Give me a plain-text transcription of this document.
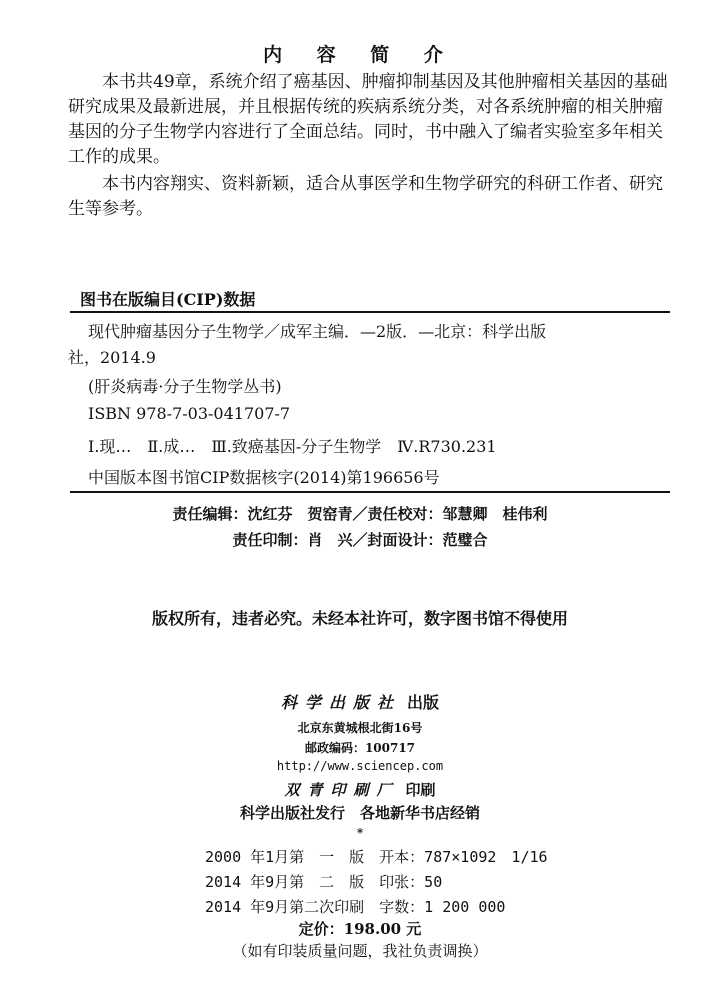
内 容 简 介

本书共49章，系统介绍了癌基因、肿瘤抑制基因及其他肿瘤相关基因的基础研究成果及最新进展，并且根据传统的疾病系统分类，对各系统肿瘤的相关肿瘤基因的分子生物学内容进行了全面总结。同时，书中融入了编者实验室多年相关工作的成果。

本书内容翔实、资料新颖，适合从事医学和生物学研究的科研工作者、研究生等参考。

图书在版编目(CIP)数据
现代肿瘤基因分子生物学／成军主编．—2版．—北京：科学出版
社，2014.9
(肝炎病毒·分子生物学丛书)
ISBN 978-7-03-041707-7
Ⅰ.现…　Ⅱ.成…　Ⅲ.致癌基因-分子生物学　Ⅳ.R730.231
中国版本图书馆CIP数据核字(2014)第196656号
责任编辑：沈红芬　贺窑青／责任校对：邹慧卿　桂伟利
责任印制：肖　兴／封面设计：范璧合
版权所有，违者必究。未经本社许可，数字图书馆不得使用
科学出版社 出版
北京东黄城根北街16号
邮政编码：100717
http://www.sciencep.com
双青印刷厂 印刷
科学出版社发行　各地新华书店经销
*
2000 年1月第　一　版　开本：787×1092　1/16
2014 年9月第　二　版　印张：50
2014 年9月第二次印刷　字数：1 200 000
定价：198.00 元
（如有印装质量问题，我社负责调换）
